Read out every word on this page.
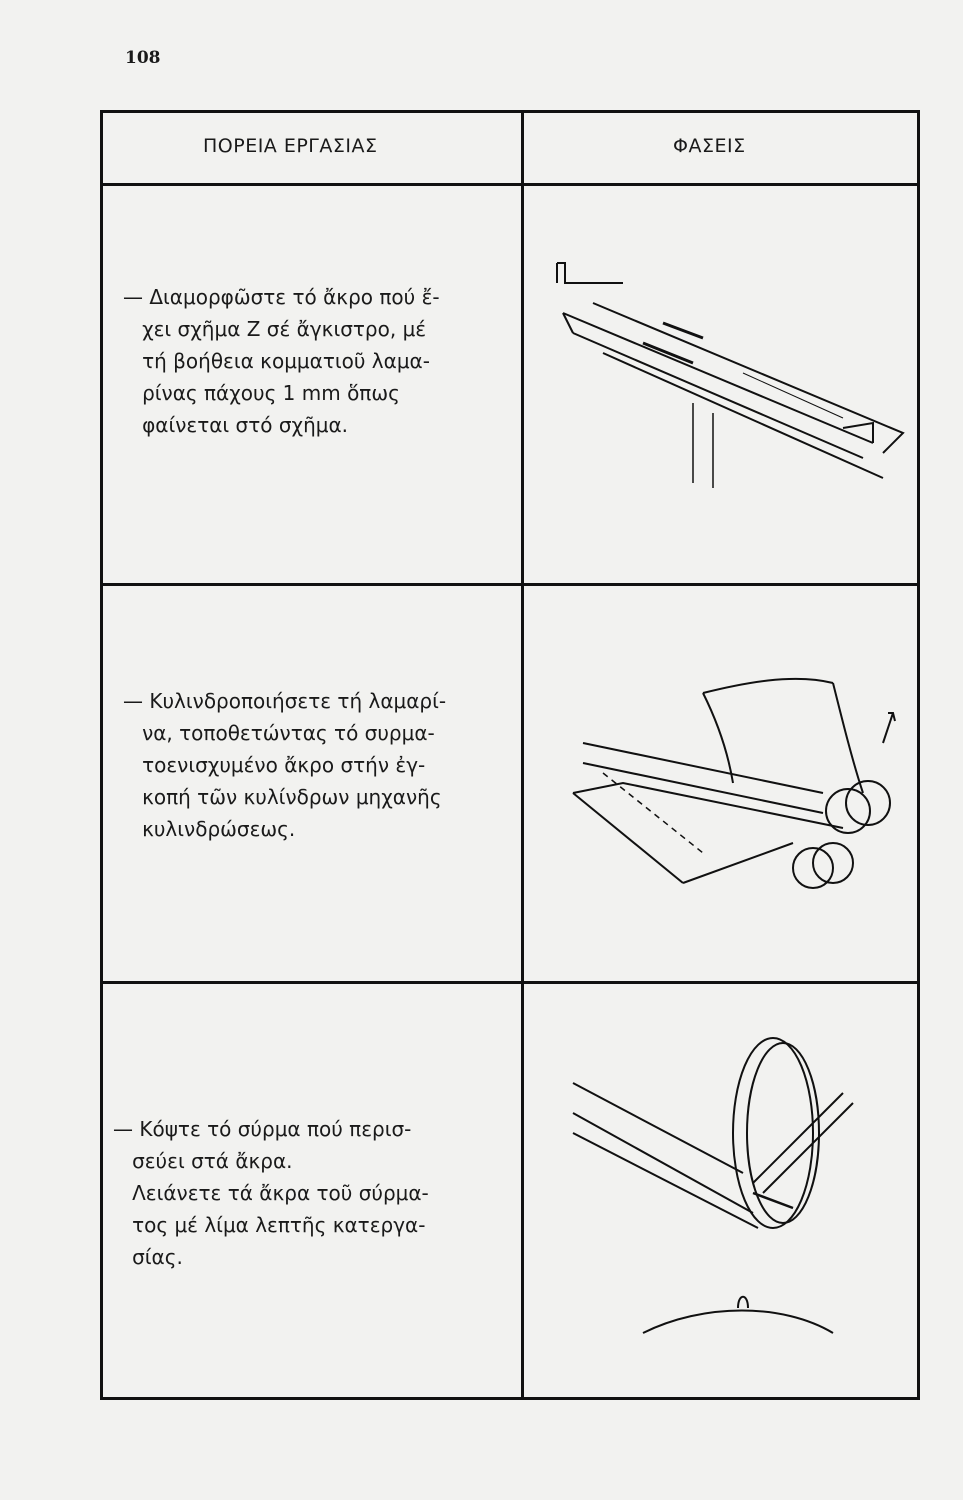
108
ΠΟΡΕΙΑ ΕΡΓΑΣΙΑΣ	ΦΑΣΕΙΣ
— Διαμορφῶστε τό ἄκρο πού ἔ-
χει σχῆμα Z σέ ἄγκιστρο, μέ
τή βοήθεια κομματιοῦ λαμα-
ρίνας πάχους 1 mm ὅπως
φαίνεται στό σχῆμα.
— Κυλινδροποιήσετε τή λαμαρί-
να, τοποθετώντας τό συρμα-
τοενισχυμένο ἄκρο στήν ἐγ-
κοπή τῶν κυλίνδρων μηχανῆς
κυλινδρώσεως.
— Κόψτε τό σύρμα πού περισ-
σεύει στά ἄκρα.
Λειάνετε τά ἄκρα τοῦ σύρμα-
τος μέ λίμα λεπτῆς κατεργα-
σίας.
